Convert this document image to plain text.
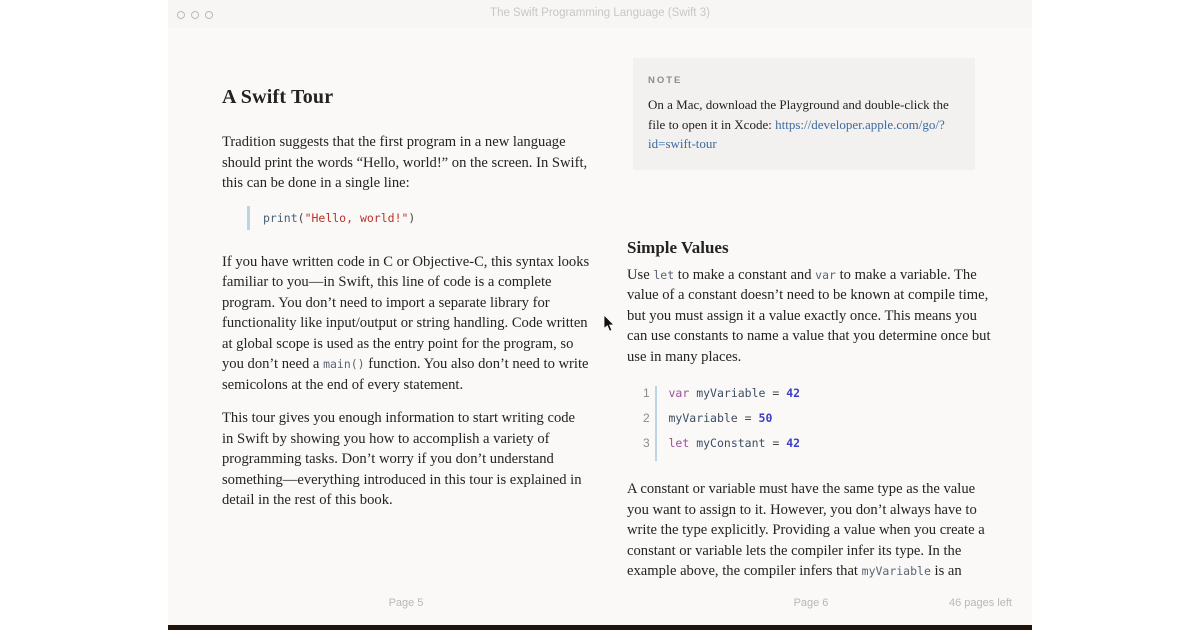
The Swift Programming Language (Swift 3)
A Swift Tour

Tradition suggests that the first program in a new language should print the words “Hello, world!” on the screen. In Swift, this can be done in a single line:

print("Hello, world!")

If you have written code in C or Objective-C, this syntax looks familiar to you—in Swift, this line of code is a complete program. You don’t need to import a separate library for functionality like input/output or string handling. Code written at global scope is used as the entry point for the program, so you don’t need a main() function. You also don’t need to write semicolons at the end of every statement.

This tour gives you enough information to start writing code in Swift by showing you how to accomplish a variety of programming tasks. Don’t worry if you don’t understand something—everything introduced in this tour is explained in detail in the rest of this book.

NOTE
On a Mac, download the Playground and double-click the file to open it in Xcode: https://developer.apple.com/go/?id=swift-tour
Simple Values

Use let to make a constant and var to make a variable. The value of a constant doesn’t need to be known at compile time, but you must assign it a value exactly once. This means you can use constants to name a value that you determine once but use in many places.

1	var myVariable = 42
2	myVariable = 50
3	let myConstant = 42

A constant or variable must have the same type as the value you want to assign to it. However, you don’t always have to write the type explicitly. Providing a value when you create a constant or variable lets the compiler infer its type. In the example above, the compiler infers that myVariable is an

Page 5	Page 6	46 pages left
